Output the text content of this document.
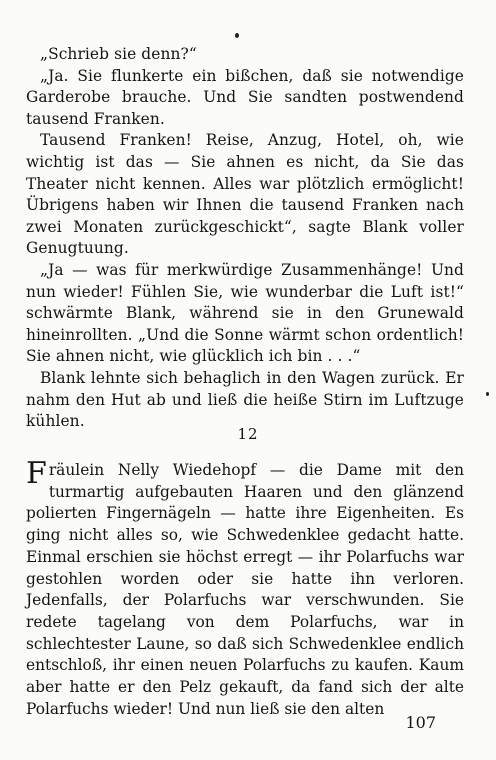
„Schrieb sie denn?“

„Ja. Sie flunkerte ein bißchen, daß sie notwendige Garderobe brauche. Und Sie sandten postwendend tausend Franken.

Tausend Franken! Reise, Anzug, Hotel, oh, wie wichtig ist das — Sie ahnen es nicht, da Sie das Theater nicht kennen. Alles war plötzlich ermöglicht! Übrigens haben wir Ihnen die tausend Franken nach zwei Monaten zurückgeschickt“, sagte Blank voller Genugtuung.

„Ja — was für merkwürdige Zusammenhänge! Und nun wieder! Fühlen Sie, wie wunderbar die Luft ist!“ schwärmte Blank, während sie in den Grunewald hineinrollten. „Und die Sonne wärmt schon ordentlich! Sie ahnen nicht, wie glücklich ich bin . . .“

Blank lehnte sich behaglich in den Wagen zurück. Er nahm den Hut ab und ließ die heiße Stirn im Luftzuge kühlen.

12

Fräulein Nelly Wiedehopf — die Dame mit den turmartig aufgebauten Haaren und den glänzend polierten Fingernägeln — hatte ihre Eigenheiten. Es ging nicht alles so, wie Schwedenklee gedacht hatte. Einmal erschien sie höchst erregt — ihr Polarfuchs war gestohlen worden oder sie hatte ihn verloren. Jedenfalls, der Polarfuchs war verschwunden. Sie redete tagelang von dem Polarfuchs, war in schlechtester Laune, so daß sich Schwedenklee endlich entschloß, ihr einen neuen Polarfuchs zu kaufen. Kaum aber hatte er den Pelz gekauft, da fand sich der alte Polarfuchs wieder! Und nun ließ sie den alten

107
